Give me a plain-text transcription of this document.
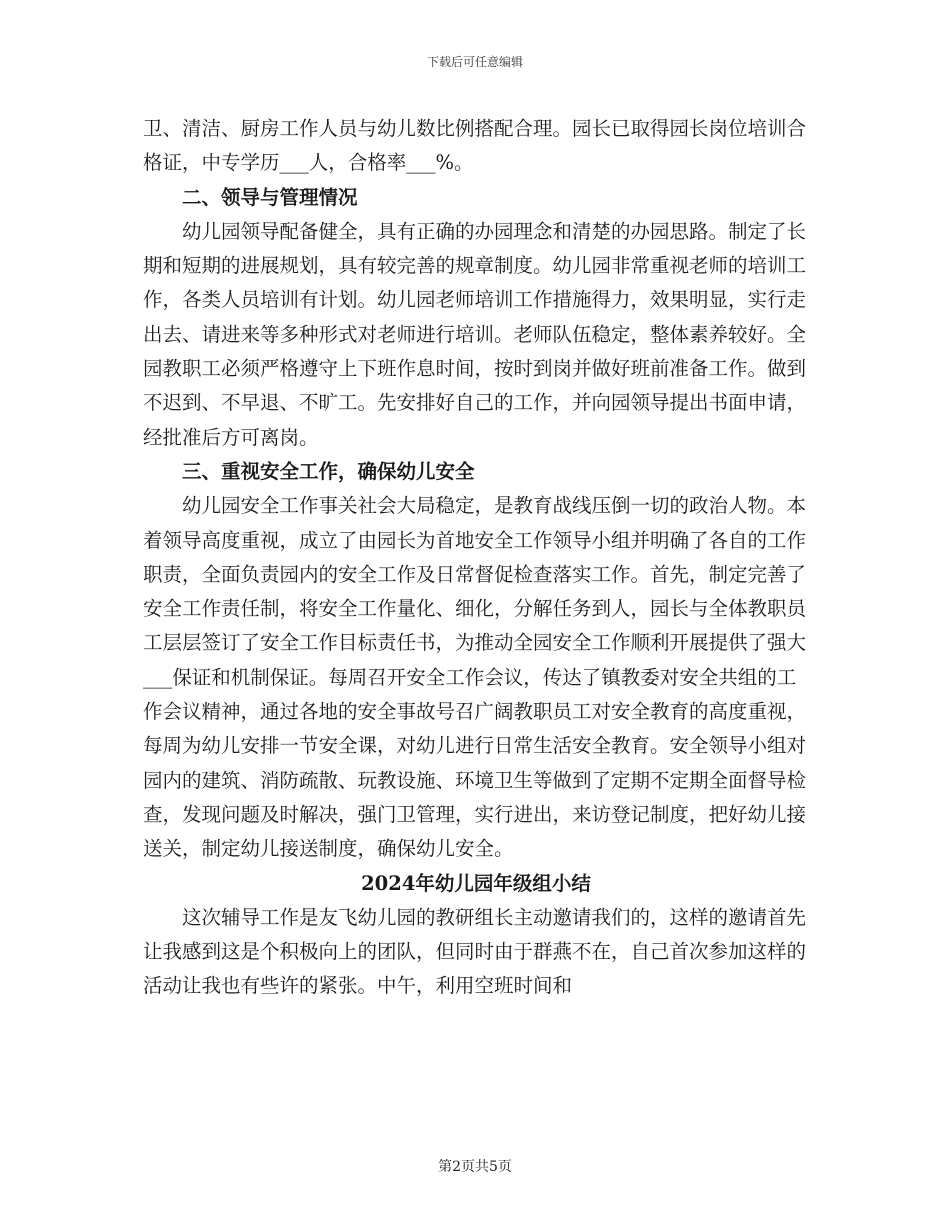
下载后可任意编辑

卫、清洁、厨房工作人员与幼儿数比例搭配合理。园长已取得园长岗位培训合格证，中专学历___人，合格率___%。

二、领导与管理情况

幼儿园领导配备健全，具有正确的办园理念和清楚的办园思路。制定了长期和短期的进展规划，具有较完善的规章制度。幼儿园非常重视老师的培训工作，各类人员培训有计划。幼儿园老师培训工作措施得力，效果明显，实行走出去、请进来等多种形式对老师进行培训。老师队伍稳定，整体素养较好。全园教职工必须严格遵守上下班作息时间，按时到岗并做好班前准备工作。做到不迟到、不早退、不旷工。先安排好自己的工作，并向园领导提出书面申请，经批准后方可离岗。

三、重视安全工作，确保幼儿安全

幼儿园安全工作事关社会大局稳定，是教育战线压倒一切的政治人物。本着领导高度重视，成立了由园长为首地安全工作领导小组并明确了各自的工作职责，全面负责园内的安全工作及日常督促检查落实工作。首先，制定完善了安全工作责任制，将安全工作量化、细化，分解任务到人，园长与全体教职员工层层签订了安全工作目标责任书，为推动全园安全工作顺利开展提供了强大___保证和机制保证。每周召开安全工作会议，传达了镇教委对安全共组的工作会议精神，通过各地的安全事故号召广阔教职员工对安全教育的高度重视，每周为幼儿安排一节安全课，对幼儿进行日常生活安全教育。安全领导小组对园内的建筑、消防疏散、玩教设施、环境卫生等做到了定期不定期全面督导检查，发现问题及时解决，强门卫管理，实行进出，来访登记制度，把好幼儿接送关，制定幼儿接送制度，确保幼儿安全。

2024年幼儿园年级组小结

这次辅导工作是友飞幼儿园的教研组长主动邀请我们的，这样的邀请首先让我感到这是个积极向上的团队，但同时由于群燕不在，自己首次参加这样的活动让我也有些许的紧张。中午，利用空班时间和

第2页共5页
